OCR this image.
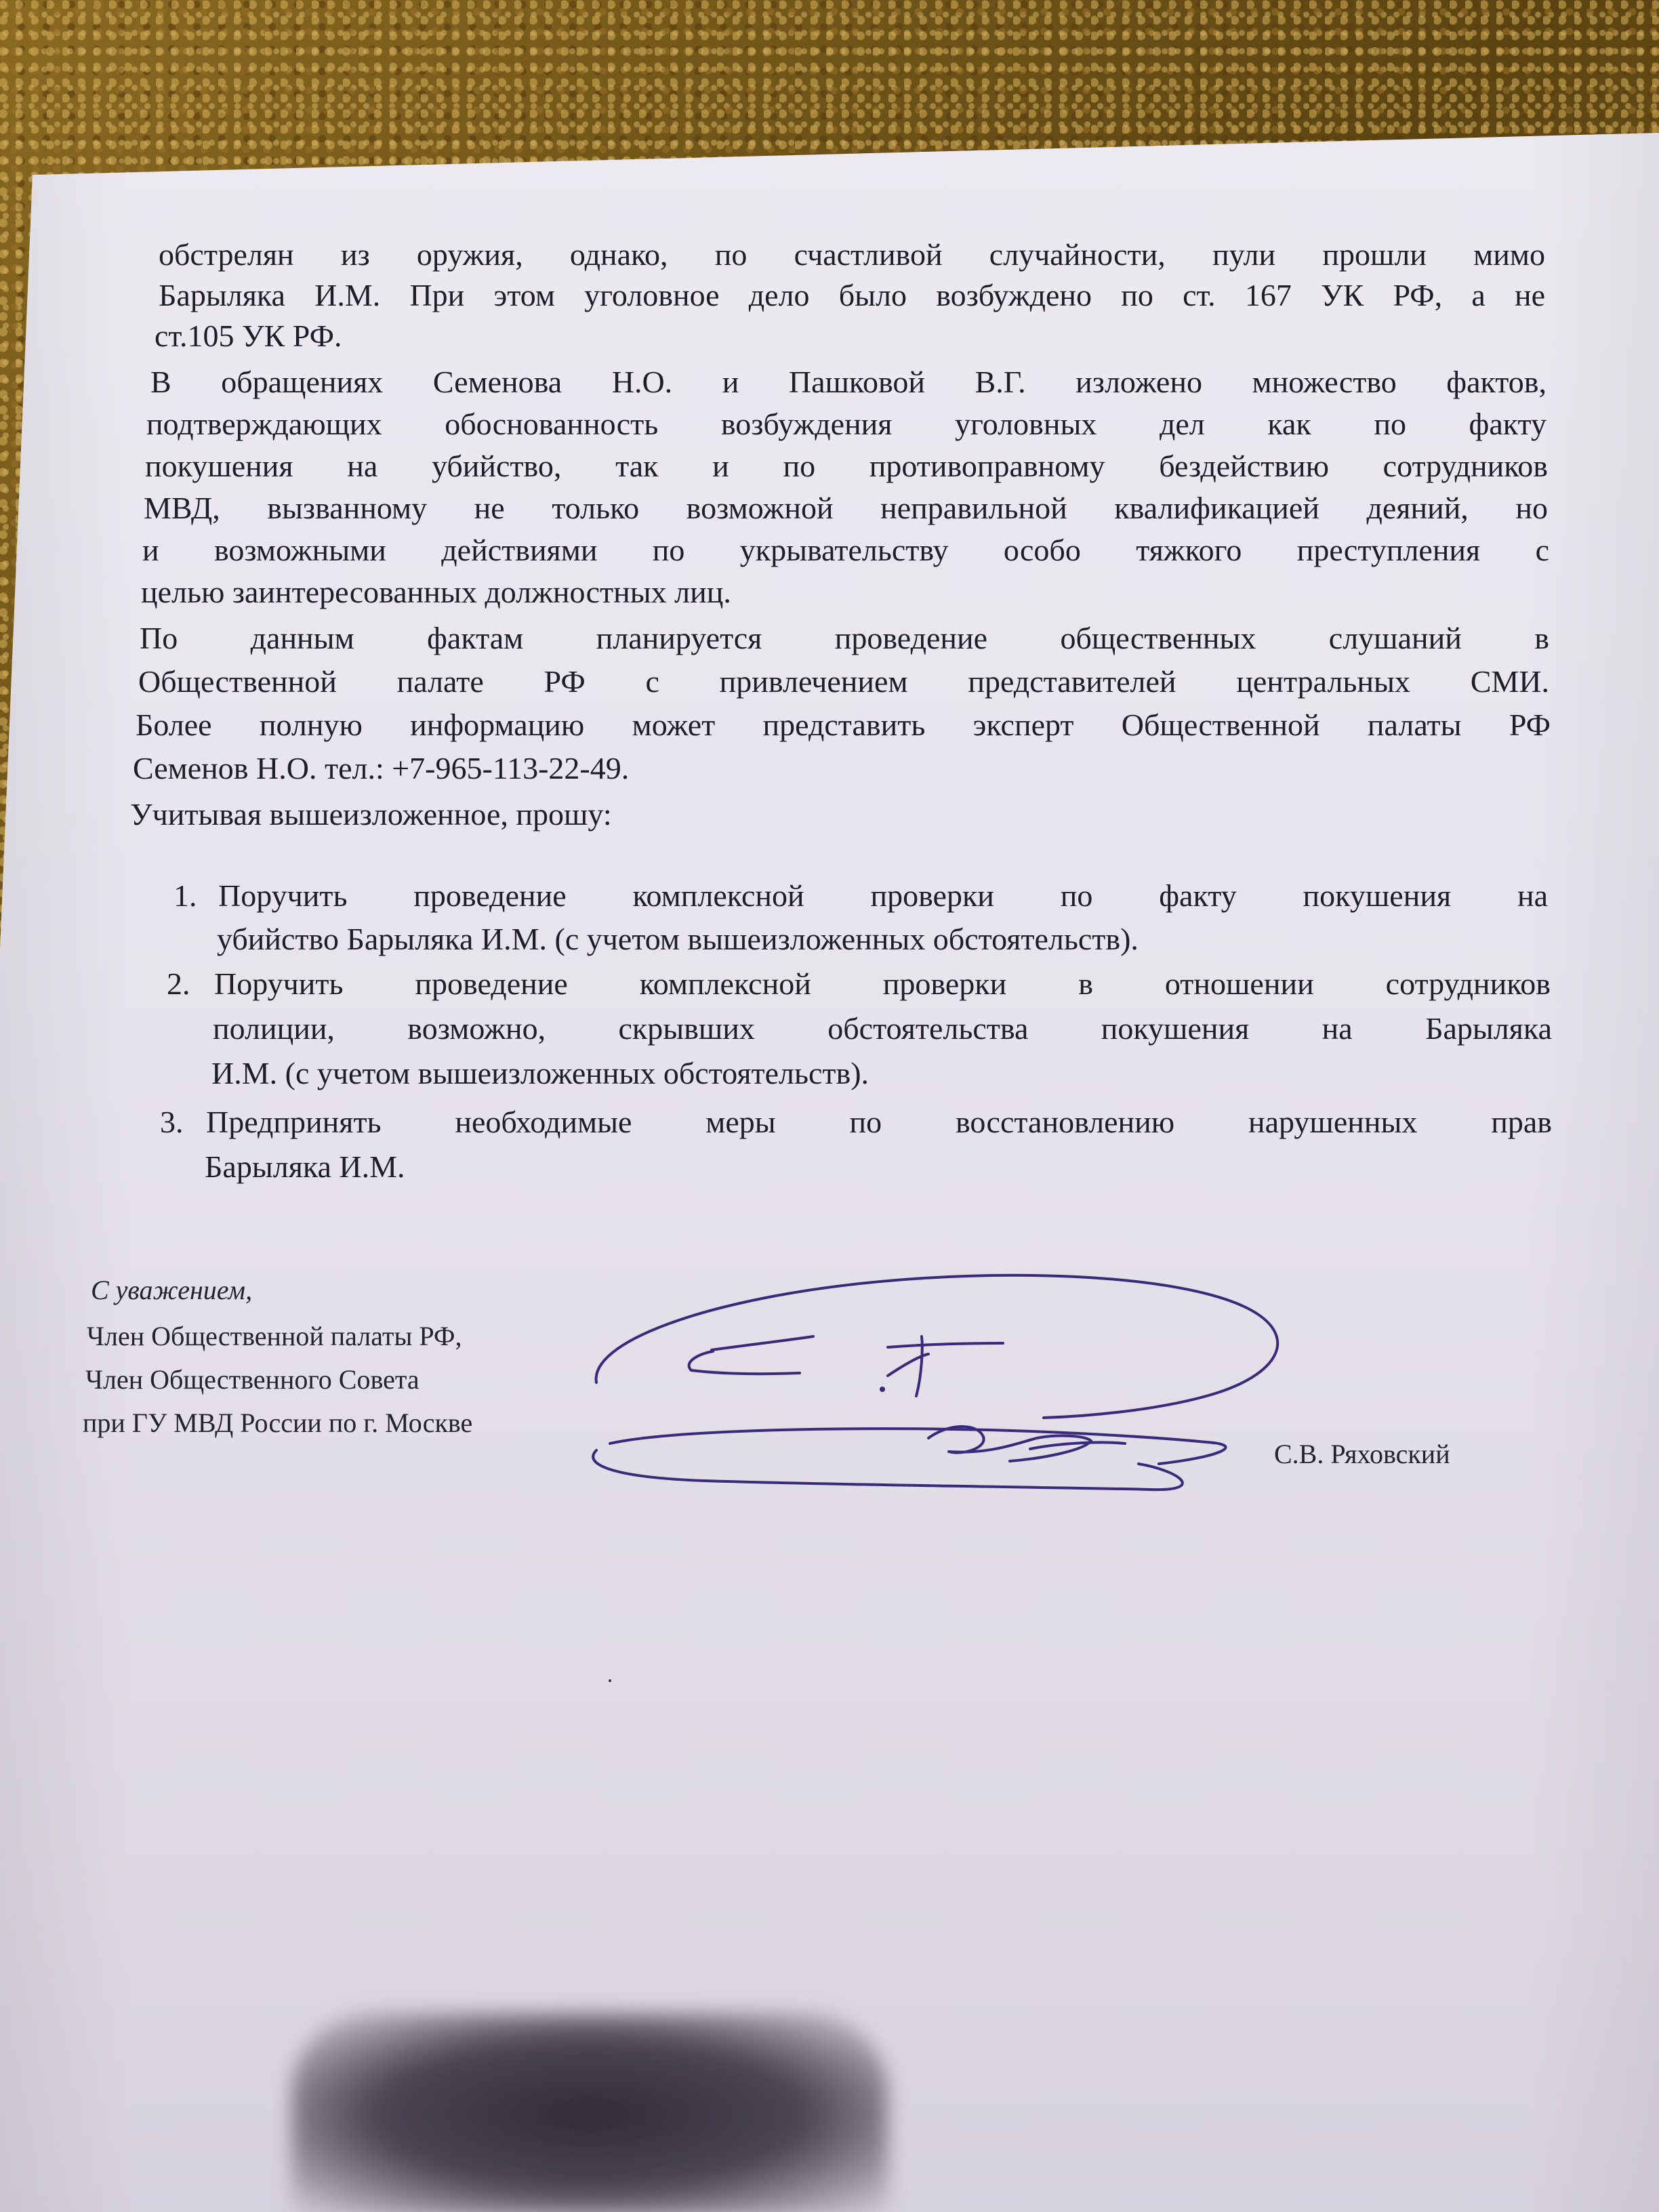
обстрелян из оружия, однако, по счастливой случайности, пули прошли мимо
Барыляка И.М. При этом уголовное дело было возбуждено по ст. 167 УК РФ, а не
ст.105 УК РФ.
В обращениях Семенова Н.О. и Пашковой В.Г. изложено множество фактов,
подтверждающих обоснованность возбуждения уголовных дел как по факту
покушения на убийство, так и по противоправному бездействию сотрудников
МВД, вызванному не только возможной неправильной квалификацией деяний, но
и возможными действиями по укрывательству особо тяжкого преступления с
целью заинтересованных должностных лиц.
По данным фактам планируется проведение общественных слушаний в
Общественной палате РФ с привлечением представителей центральных СМИ.
Более полную информацию может представить эксперт Общественной палаты РФ
Семенов Н.О. тел.: +7-965-113-22-49.
Учитывая вышеизложенное, прошу:
1. Поручить проведение комплексной проверки по факту покушения на
убийство Барыляка И.М. (с учетом вышеизложенных обстоятельств).
2. Поручить проведение комплексной проверки в отношении сотрудников
полиции, возможно, скрывших обстоятельства покушения на Барыляка
И.М. (с учетом вышеизложенных обстоятельств).
3. Предпринять необходимые меры по восстановлению нарушенных прав
Барыляка И.М.
С уважением,
Член Общественной палаты РФ,
Член Общественного Совета
при ГУ МВД России по г. Москве
С.В. Ряховский
